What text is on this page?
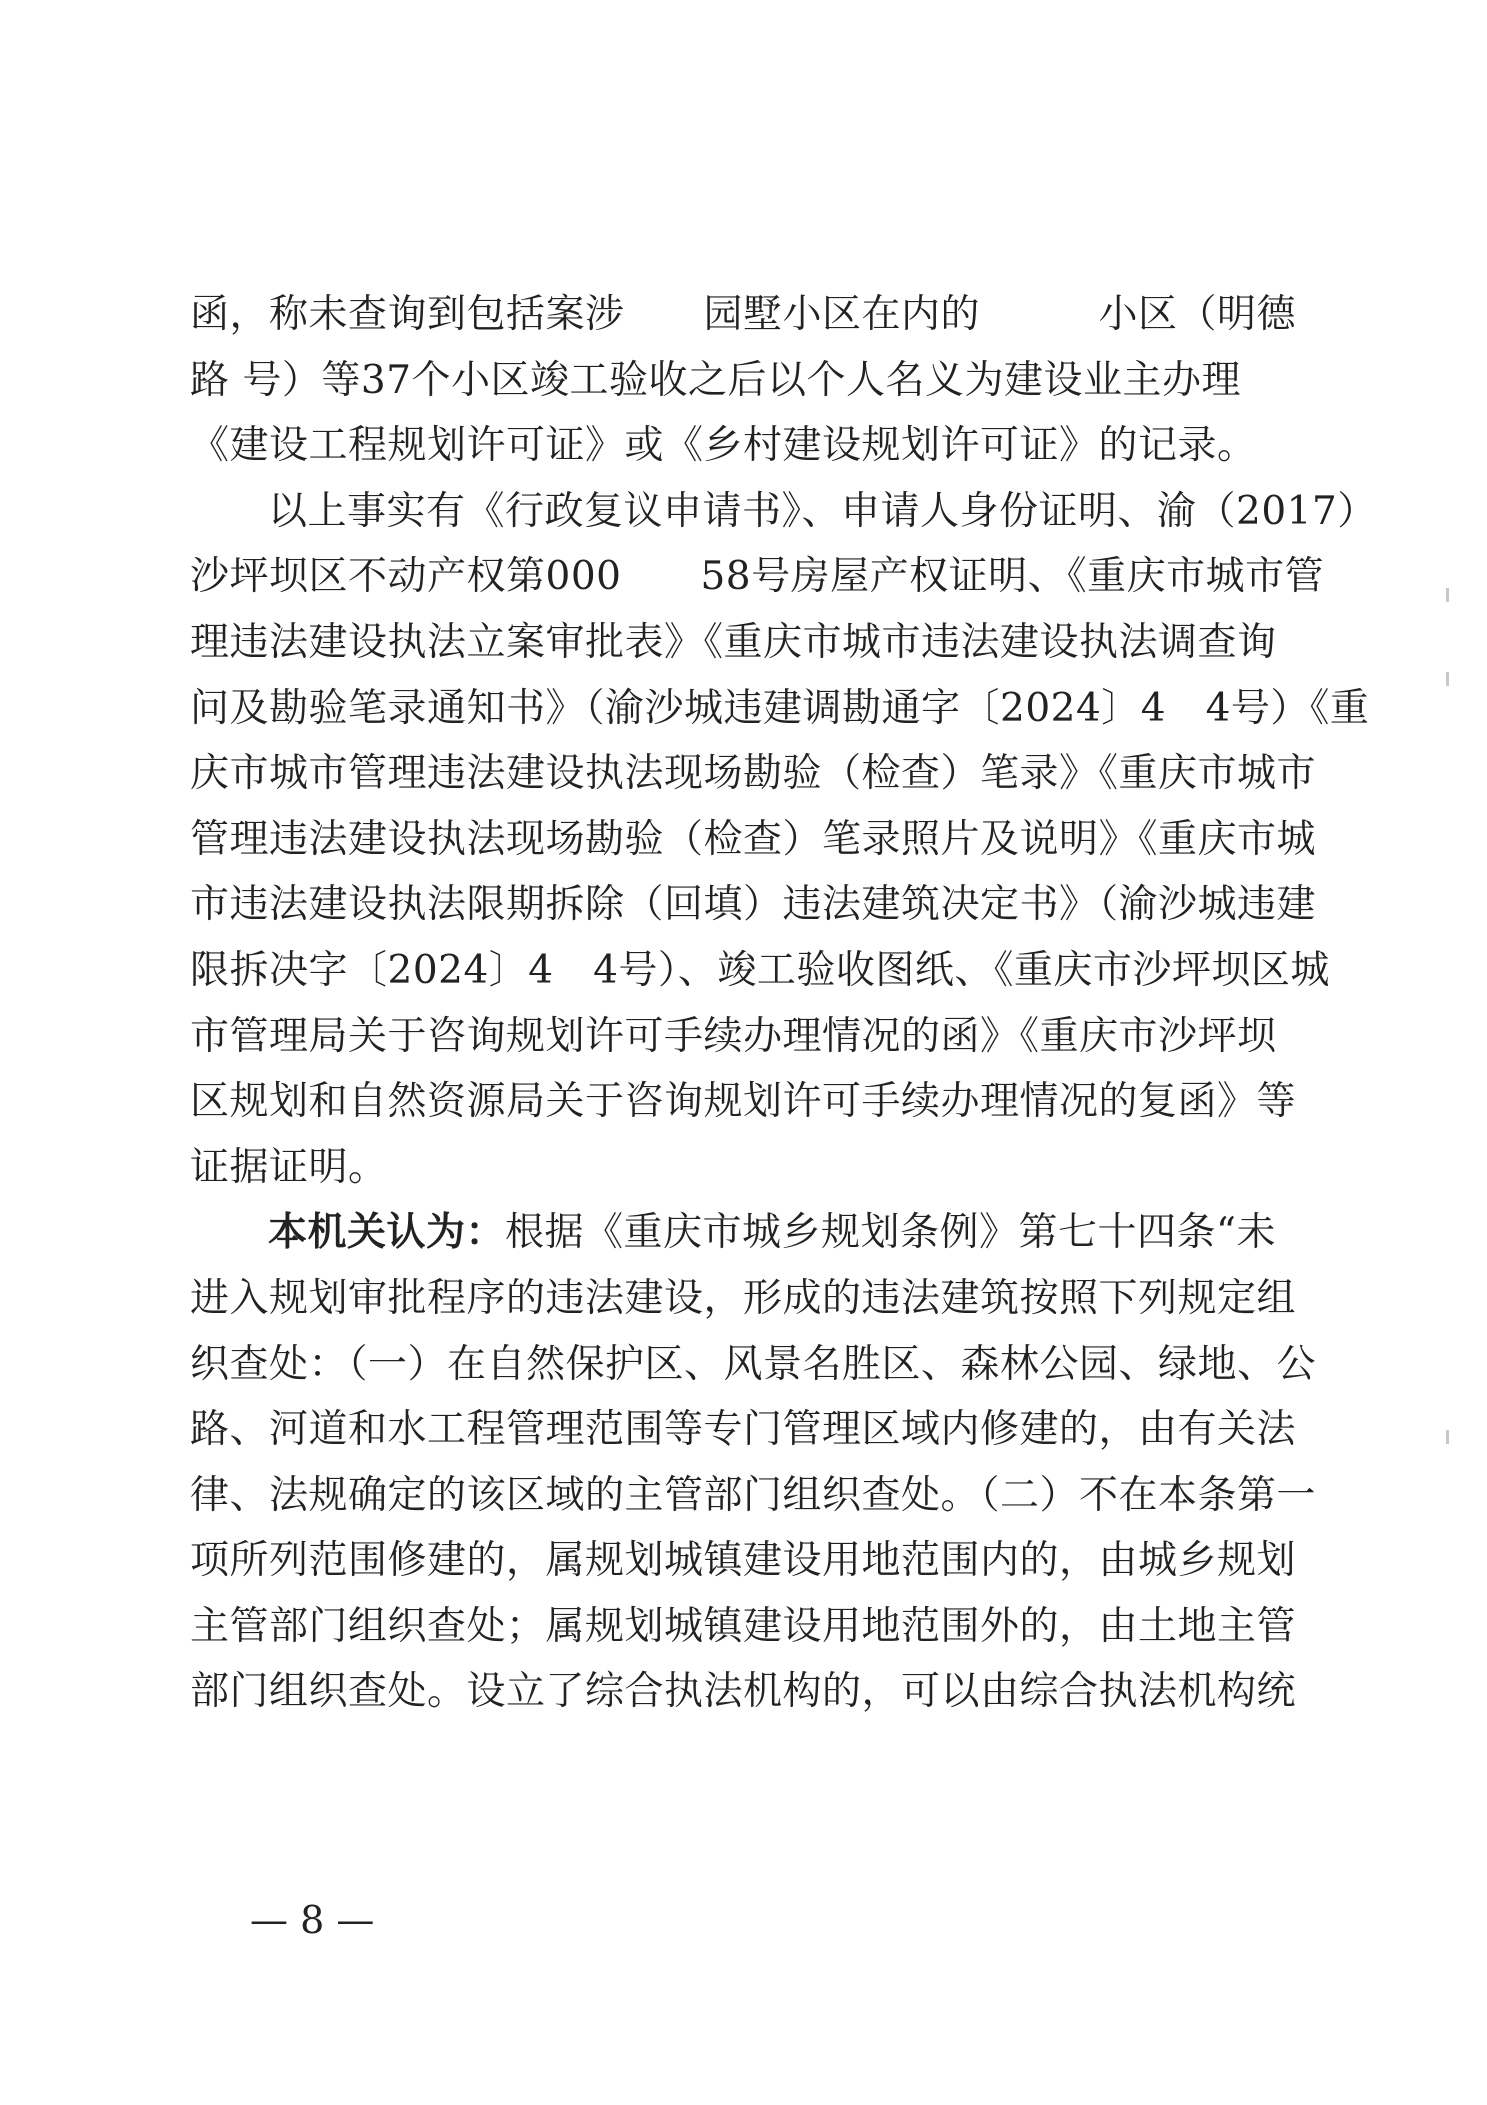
函，称未查询到包括案涉　　园墅小区在内的　　　小区（明德
路 号）等37个小区竣工验收之后以个人名义为建设业主办理
《建设工程规划许可证》或《乡村建设规划许可证》的记录。
以上事实有《行政复议申请书》、申请人身份证明、渝（2017）
沙坪坝区不动产权第000　　58号房屋产权证明、《重庆市城市管
理违法建设执法立案审批表》《重庆市城市违法建设执法调查询
问及勘验笔录通知书》（渝沙城违建调勘通字〔2024〕4　4号）《重
庆市城市管理违法建设执法现场勘验（检查）笔录》《重庆市城市
管理违法建设执法现场勘验（检查）笔录照片及说明》《重庆市城
市违法建设执法限期拆除（回填）违法建筑决定书》（渝沙城违建
限拆决字〔2024〕4　4号）、竣工验收图纸、《重庆市沙坪坝区城
市管理局关于咨询规划许可手续办理情况的函》《重庆市沙坪坝
区规划和自然资源局关于咨询规划许可手续办理情况的复函》等
证据证明。
本机关认为：根据《重庆市城乡规划条例》第七十四条“未
进入规划审批程序的违法建设，形成的违法建筑按照下列规定组
织查处：（一）在自然保护区、风景名胜区、森林公园、绿地、公
路、河道和水工程管理范围等专门管理区域内修建的，由有关法
律、法规确定的该区域的主管部门组织查处。（二）不在本条第一
项所列范围修建的，属规划城镇建设用地范围内的，由城乡规划
主管部门组织查处；属规划城镇建设用地范围外的，由土地主管
部门组织查处。设立了综合执法机构的，可以由综合执法机构统
— 8 —
